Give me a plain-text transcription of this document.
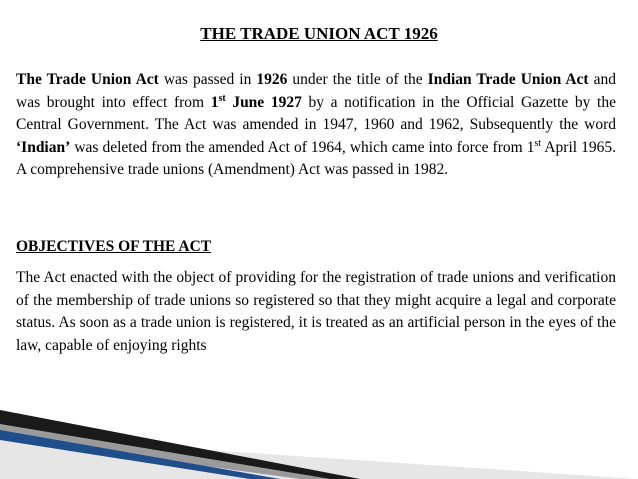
THE TRADE UNION ACT 1926

The Trade Union Act was passed in 1926 under the title of the Indian Trade Union Act and was brought into effect from 1st June 1927 by a notification in the Official Gazette by the Central Government. The Act was amended in 1947, 1960 and 1962, Subsequently the word ‘Indian’ was deleted from the amended Act of 1964, which came into force from 1st April 1965. A comprehensive trade unions (Amendment) Act was passed in 1982.

OBJECTIVES OF THE ACT

The Act enacted with the object of providing for the registration of trade unions and verification of the membership of trade unions so registered so that they might acquire a legal and corporate status. As soon as a trade union is registered, it is treated as an artificial person in the eyes of the law, capable of enjoying rights
